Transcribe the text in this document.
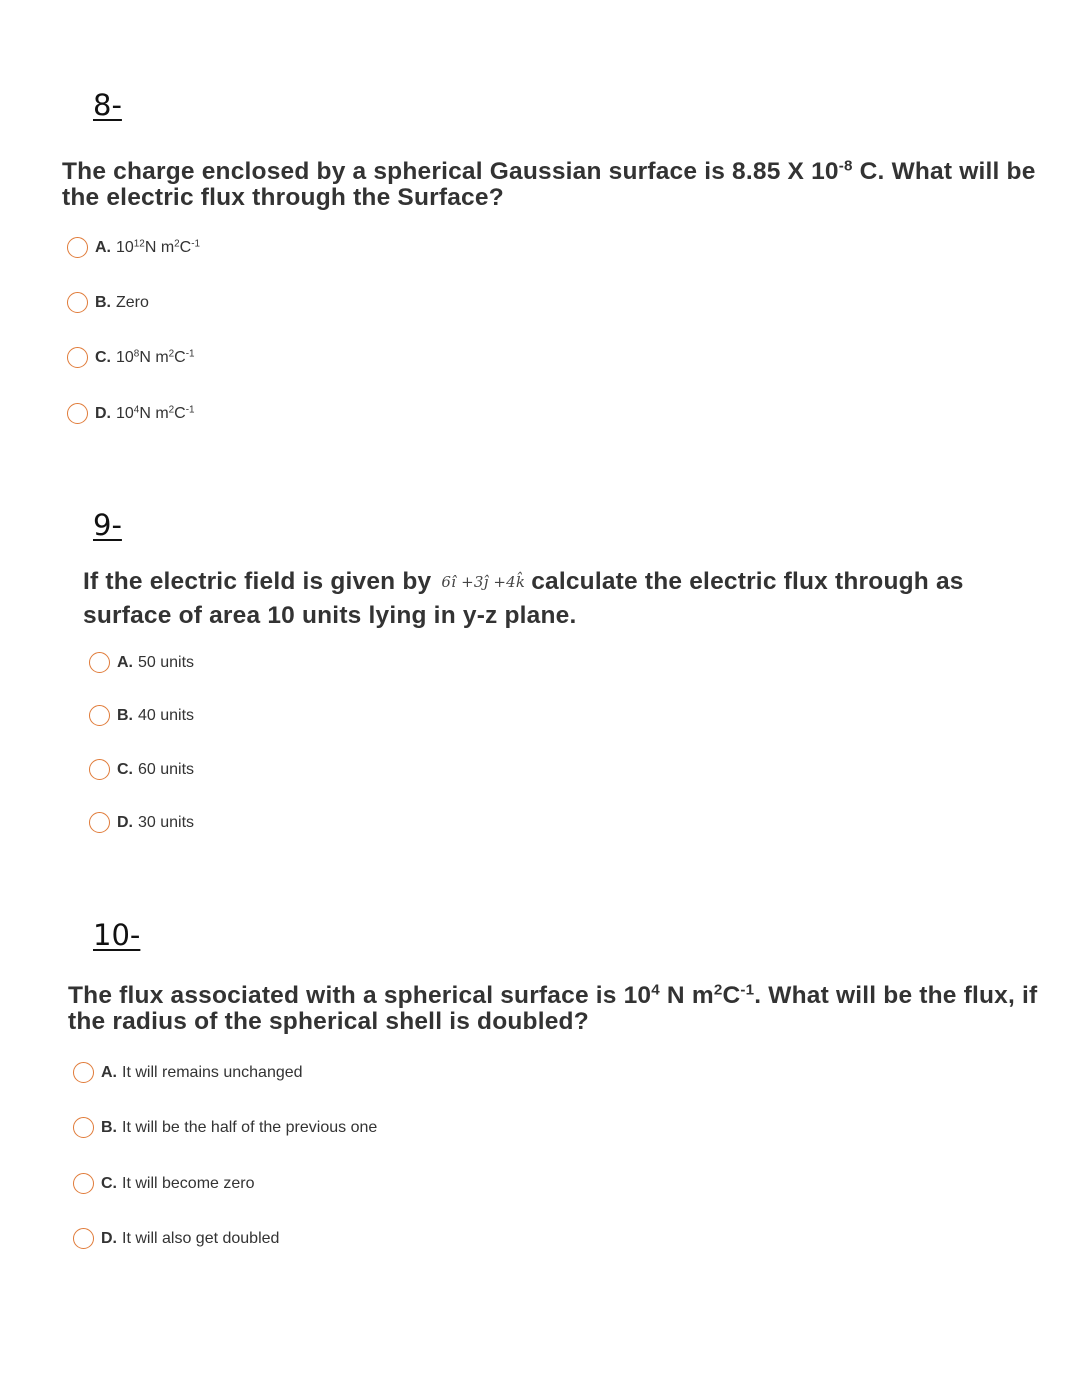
8-
The charge enclosed by a spherical Gaussian surface is 8.85 X $10^{-8}$ C. What will be the electric flux through the Surface?
A. $10^{12}N$ $m^2C^{-1}$
B. Zero
C. $10^8N$ $m^2C^{-1}$
D. $10^4N$ $m^2C^{-1}$
9-
If the electric field is given by 6î +3ĵ +4k̂ calculate the electric flux through as surface of area 10 units lying in y-z plane.
A. 50 units
B. 40 units
C. 60 units
D. 30 units
10-
The flux associated with a spherical surface is $10^4$ N $m^2C^{-1}$. What will be the flux, if the radius of the spherical shell is doubled?
A. It will remains unchanged
B. It will be the half of the previous one
C. It will become zero
D. It will also get doubled
